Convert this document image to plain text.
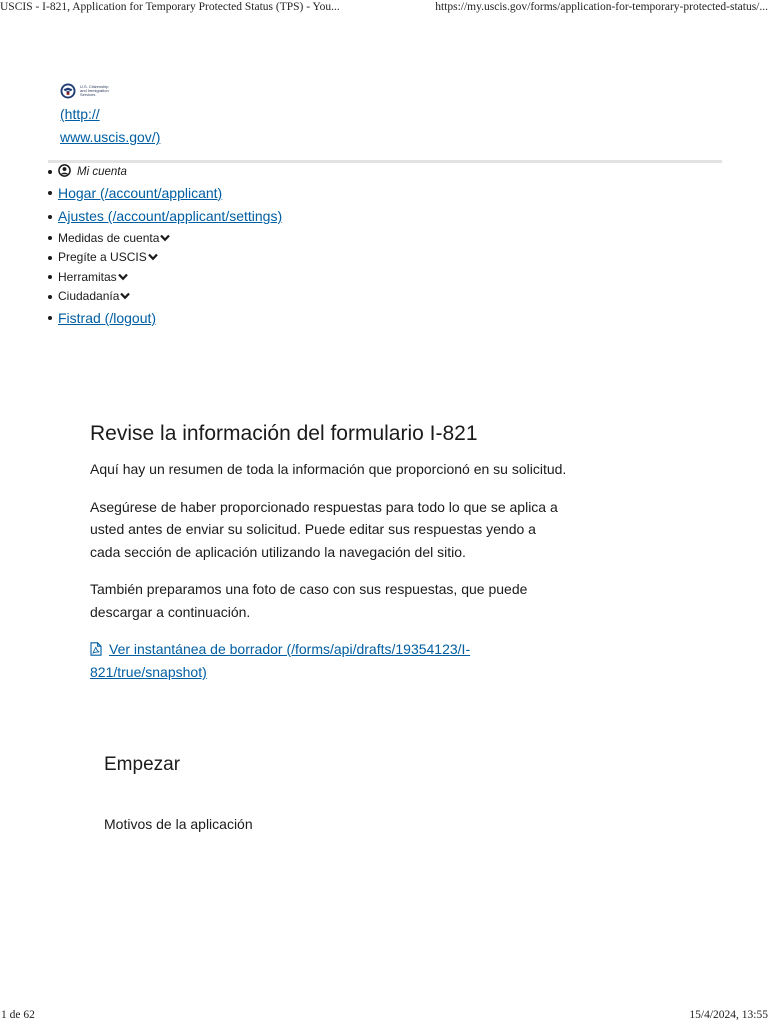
USCIS - I-821, Application for Temporary Protected Status (TPS) - You...	https://my.uscis.gov/forms/application-for-temporary-protected-status/...
U.S. Citizenship
and Immigration
Services
(http://
www.uscis.gov/)
Mi cuenta
Hogar (/account/applicant)
Ajustes (/account/applicant/settings)
Medidas de cuenta
Pregíte a USCIS
Herramitas
Ciudadanía
Fistrad (/logout)
Revise la información del formulario I-821

Aquí hay un resumen de toda la información que proporcionó en su solicitud.

Asegúrese de haber proporcionado respuestas para todo lo que se aplica a usted antes de enviar su solicitud. Puede editar sus respuestas yendo a cada sección de aplicación utilizando la navegación del sitio.

También preparamos una foto de caso con sus respuestas, que puede descargar a continuación.

Ver instantánea de borrador (/forms/api/drafts/19354123/I-821/true/snapshot)
Empezar
Motivos de la aplicación
1 de 62	15/4/2024, 13:55
